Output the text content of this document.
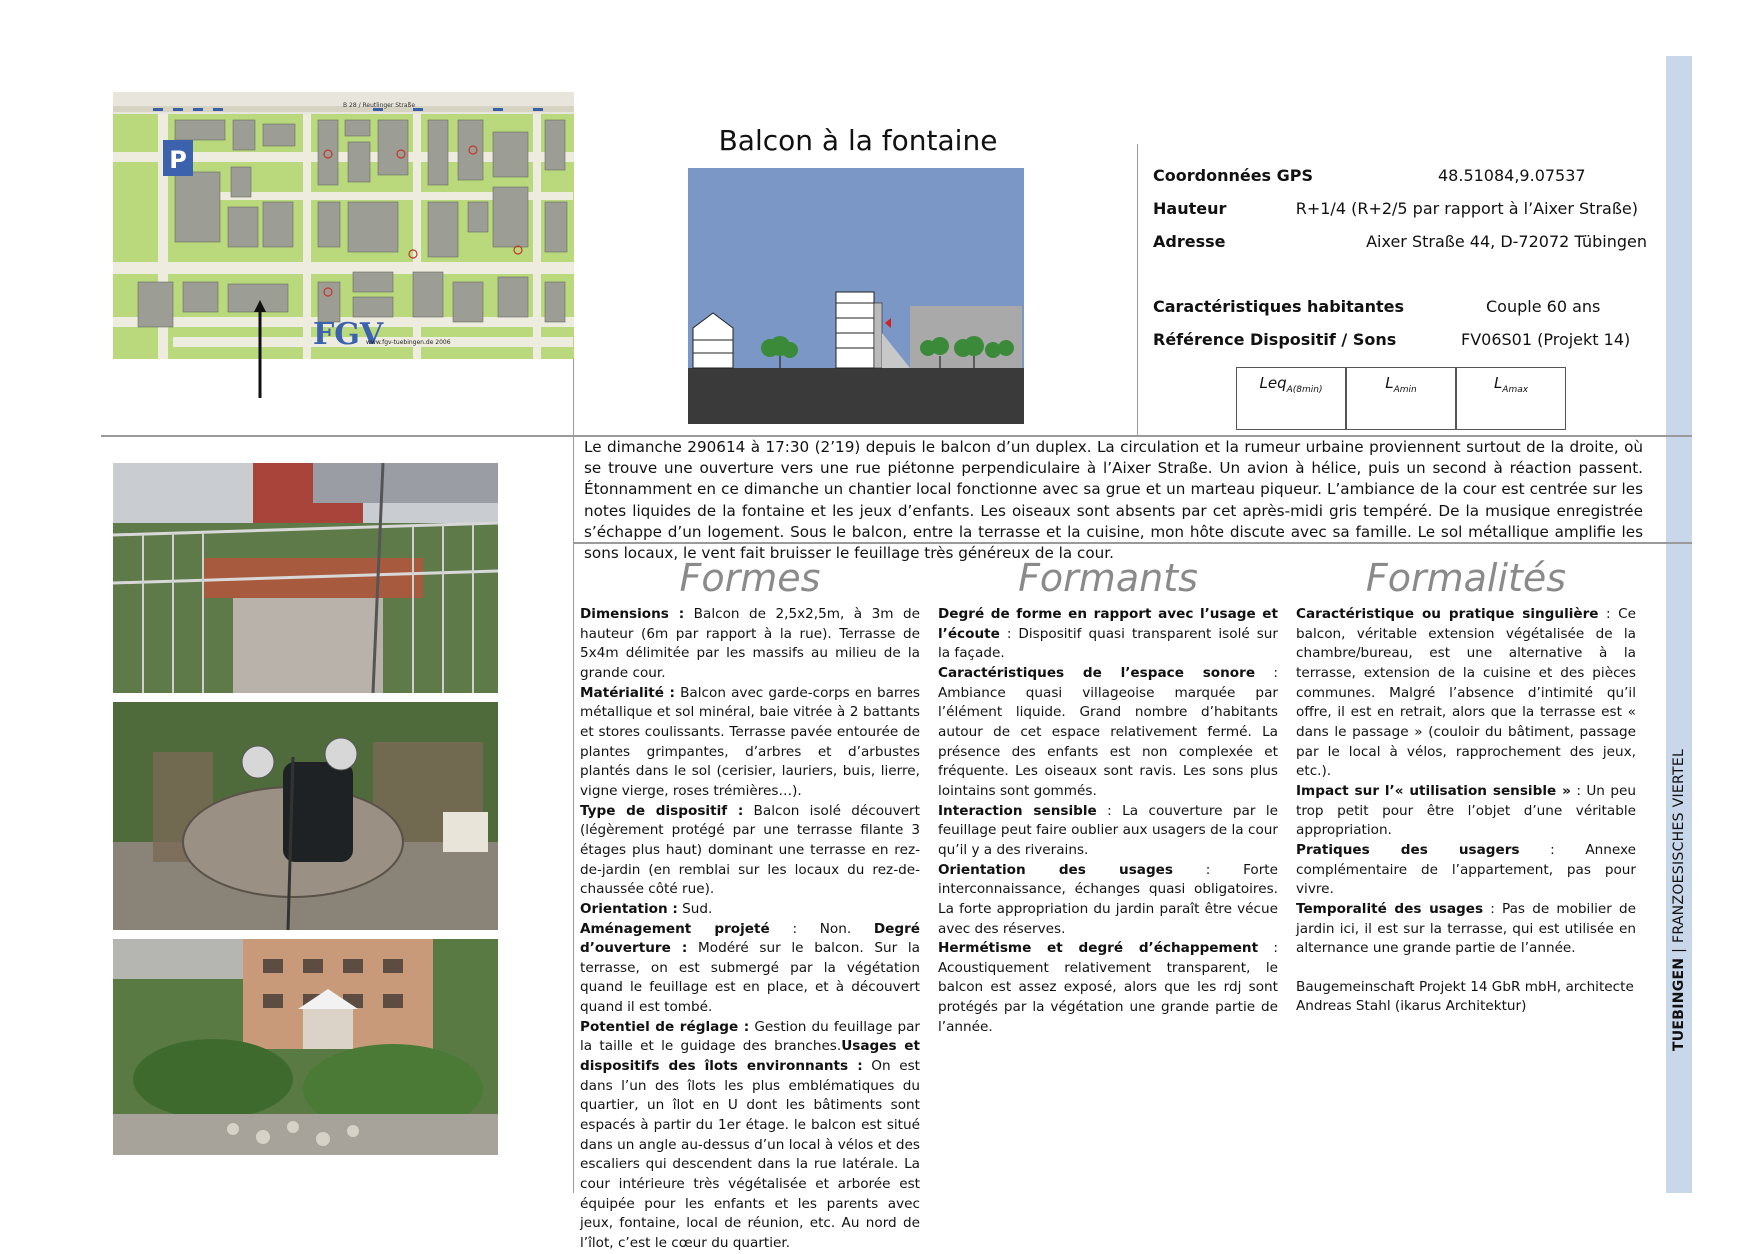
TUEBINGEN | FRANZOESISCHES VIERTEL
P
B 28 / Reutlinger Straße
FGV
www.fgv-tuebingen.de 2006
Balcon à la fontaine
Coordonnées GPS	48.51084,9.07537
Hauteur	R+1/4 (R+2/5 par rapport à l’Aixer Straße)
Adresse	Aixer Straße 44, D-72072 Tübingen
Caractéristiques habitantes	Couple 60 ans
Référence Dispositif / Sons	FV06S01 (Projekt 14)
Leq$_{A(8min)}$	$L_{Amin}$	$L_{Amax}$
Le dimanche 290614 à 17:30 (2’19) depuis le balcon d’un duplex. La circulation et la rumeur urbaine proviennent surtout de la droite, où se trouve une ouverture vers une rue piétonne perpendiculaire à l’Aixer Straße. Un avion à hélice, puis un second à réaction passent. Étonnamment en ce dimanche un chantier local fonctionne avec sa grue et un marteau piqueur. L’ambiance de la cour est centrée sur les notes liquides de la fontaine et les jeux d’enfants. Les oiseaux sont absents par cet après-midi gris tempéré. De la musique enregistrée s’échappe d’un logement. Sous le balcon, entre la terrasse et la cuisine, mon hôte discute avec sa famille. Le sol métallique amplifie les sons locaux, le vent fait bruisser le feuillage très généreux de la cour.
Formes	Formants	Formalités

Dimensions : Balcon de 2,5x2,5m, à 3m de hauteur (6m par rapport à la rue). Terrasse de 5x4m délimitée par les massifs au milieu de la grande cour.

Matérialité : Balcon avec garde-corps en barres métallique et sol minéral, baie vitrée à 2 battants et stores coulissants. Terrasse pavée entourée de plantes grimpantes, d’arbres et d’arbustes plantés dans le sol (cerisier, lauriers, buis, lierre, vigne vierge, roses trémières…).

Type de dispositif : Balcon isolé découvert (légèrement protégé par une terrasse filante 3 étages plus haut) dominant une terrasse en rez-de-jardin (en remblai sur les locaux du rez-de-chaussée côté rue).

Orientation : Sud.

Aménagement projeté : Non. Degré d’ouverture : Modéré sur le balcon. Sur la terrasse, on est submergé par la végétation quand le feuillage est en place, et à découvert quand il est tombé.

Potentiel de réglage : Gestion du feuillage par la taille et le guidage des branches.Usages et dispositifs des îlots environnants : On est dans l’un des îlots les plus emblématiques du quartier, un îlot en U dont les bâtiments sont espacés à partir du 1er étage. le balcon est situé dans un angle au-dessus d’un local à vélos et des escaliers qui descendent dans la rue latérale. La cour intérieure très végétalisée et arborée est équipée pour les enfants et les parents avec jeux, fontaine, local de réunion, etc. Au nord de l’îlot, c’est le cœur du quartier.

Degré de forme en rapport avec l’usage et l’écoute : Dispositif quasi transparent isolé sur la façade.

Caractéristiques de l’espace sonore : Ambiance quasi villageoise marquée par l’élément liquide. Grand nombre d’habitants autour de cet espace relativement fermé. La présence des enfants est non complexée et fréquente. Les oiseaux sont ravis. Les sons plus lointains sont gommés.

Interaction sensible : La couverture par le feuillage peut faire oublier aux usagers de la cour qu’il y a des riverains.

Orientation des usages : Forte interconnaissance, échanges quasi obligatoires. La forte appropriation du jardin paraît être vécue avec des réserves.

Hermétisme et degré d’échappement : Acoustiquement relativement transparent, le balcon est assez exposé, alors que les rdj sont protégés par la végétation une grande partie de l’année.

Caractéristique ou pratique singulière : Ce balcon, véritable extension végétalisée de la chambre/bureau, est une alternative à la terrasse, extension de la cuisine et des pièces communes. Malgré l’absence d’intimité qu’il offre, il est en retrait, alors que la terrasse est « dans le passage » (couloir du bâtiment, passage par le local à vélos, rapprochement des jeux, etc.).

Impact sur l’« utilisation sensible » : Un peu trop petit pour être l’objet d’une véritable appropriation.

Pratiques des usagers : Annexe complémentaire de l’appartement, pas pour vivre.

Temporalité des usages : Pas de mobilier de jardin ici, il est sur la terrasse, qui est utilisée en alternance une grande partie de l’année.

Baugemeinschaft Projekt 14 GbR mbH, architecte Andreas Stahl (ikarus Architektur)
